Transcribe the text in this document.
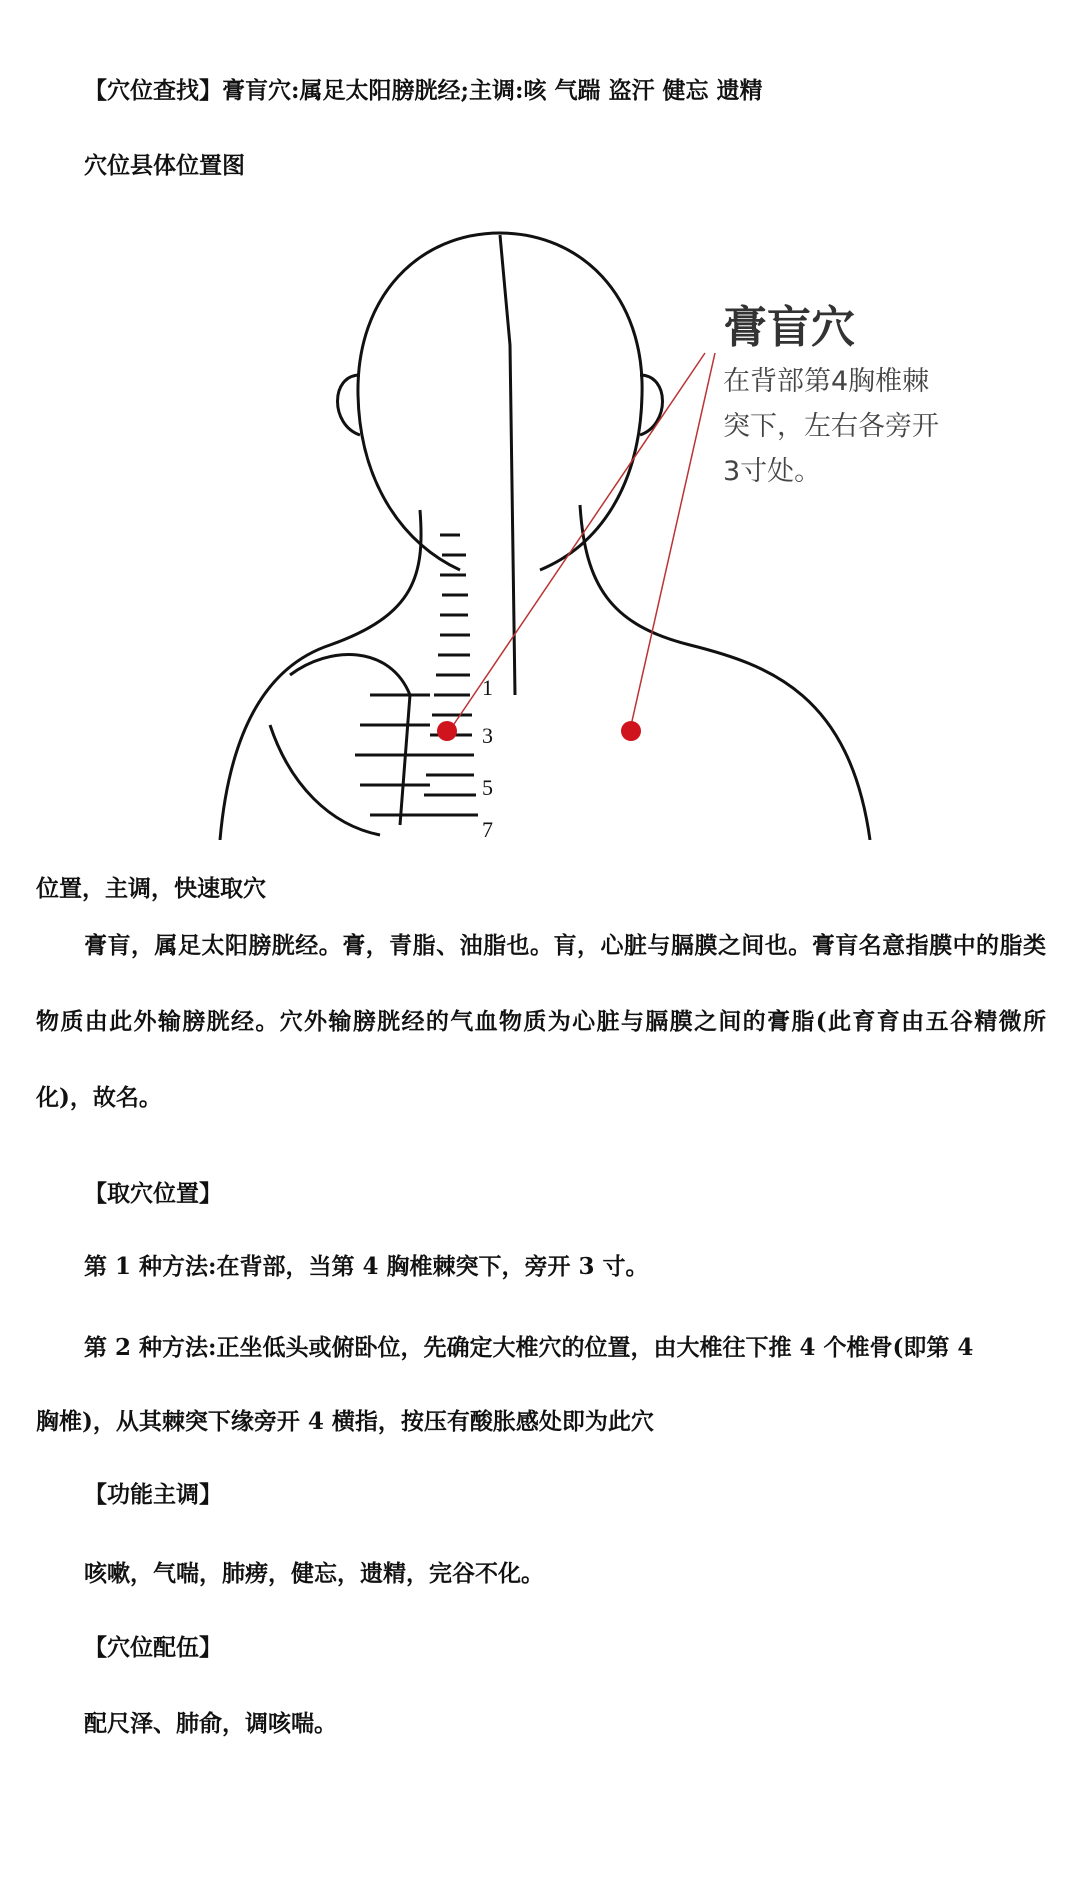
【穴位查找】膏肓穴:属足太阳膀胱经;主调:咳 气踹 盗汗 健忘 遗精
穴位县体位置图
1
3
5
7
膏盲穴
在背部第4胸椎棘
突下，左右各旁开
3寸处。
位置，主调，快速取穴
膏肓，属足太阳膀胱经。膏，青脂、油脂也。肓，心脏与膈膜之间也。膏肓名意指膜中的脂类物质由此外输膀胱经。穴外输膀胱经的气血物质为心脏与膈膜之间的膏脂(此育育由五谷精微所化)，故名。
【取穴位置】
第 1 种方法:在背部，当第 4 胸椎棘突下，旁开 3 寸。
第 2 种方法:正坐低头或俯卧位，先确定大椎穴的位置，由大椎往下推 4 个椎骨(即第 4
胸椎)，从其棘突下缘旁开 4 横指，按压有酸胀感处即为此穴
【功能主调】
咳嗽，气喘，肺痨，健忘，遗精，完谷不化。
【穴位配伍】
配尺泽、肺俞，调咳喘。
